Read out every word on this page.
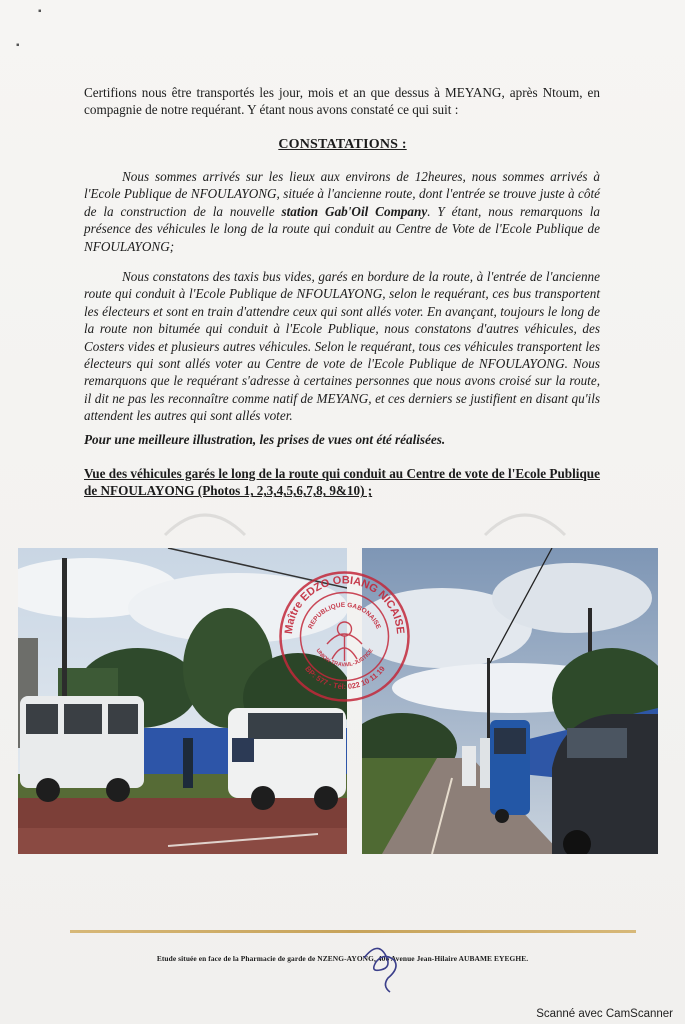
▪
▪
Certifions nous être transportés les jour, mois et an que dessus à MEYANG, après Ntoum, en compagnie de notre requérant. Y étant nous avons constaté ce qui suit :
CONSTATATIONS :
Nous sommes arrivés sur les lieux aux environs de 12heures, nous sommes arrivés à l'Ecole Publique de NFOULAYONG, située à l'ancienne route, dont l'entrée se trouve juste à côté de la construction de la nouvelle station Gab'Oil Company. Y étant, nous remarquons la présence des véhicules le long de la route qui conduit au Centre de Vote de l'Ecole Publique de NFOULAYONG;
Nous constatons des taxis bus vides, garés en bordure de la route, à l'entrée de l'ancienne route qui conduit à l'Ecole Publique de NFOULAYONG, selon le requérant, ces bus transportent les électeurs et sont en train d'attendre ceux qui sont allés voter. En avançant, toujours le long de la route non bitumée qui conduit à l'Ecole Publique, nous constatons d'autres véhicules, des Costers vides et plusieurs autres véhicules. Selon le requérant, tous ces véhicules transportent les électeurs qui sont allés voter au Centre de vote de l'Ecole Publique de NFOULAYONG. Nous remarquons que le requérant s'adresse à certaines personnes que nous avons croisé sur la route, il dit ne pas les reconnaître comme natif de MEYANG, et ces derniers se justifient en disant qu'ils attendent les autres qui sont allés voter.
Pour une meilleure illustration, les prises de vues ont été réalisées.
Vue des véhicules garés le long de la route qui conduit au Centre de vote de l'Ecole Publique de NFOULAYONG (Photos 1, 2,3,4,5,6,7,8, 9&10) ;
Maître EDZO OBIANG NICAISE
BP: 577 - Tél: 022 10 11 19
REPUBLIQUE GABONAISE
UNION-TRAVAIL-JUSTICE
Etude située en face de la Pharmacie de garde de NZENG-AYONG, 406 Avenue Jean-Hilaire AUBAME EYEGHE.
Scanné avec CamScanner
